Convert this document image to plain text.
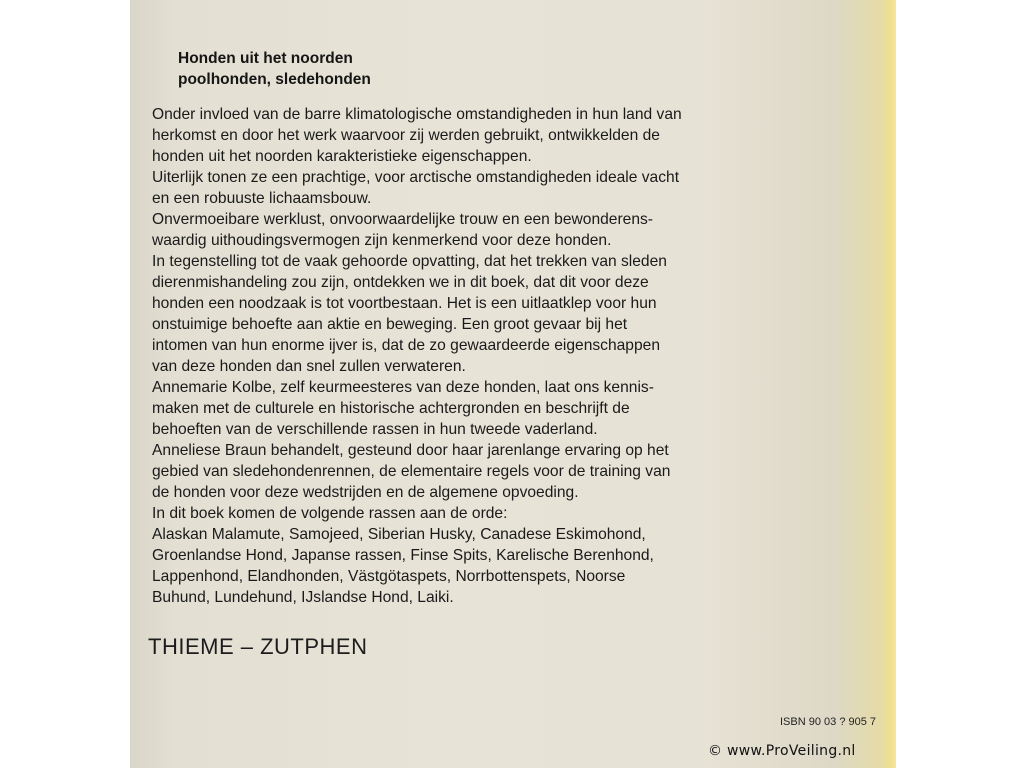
Honden uit het noorden
poolhonden, sledehonden
Onder invloed van de barre klimatologische omstandigheden in hun land van
herkomst en door het werk waarvoor zij werden gebruikt, ontwikkelden de
honden uit het noorden karakteristieke eigenschappen.
Uiterlijk tonen ze een prachtige, voor arctische omstandigheden ideale vacht
en een robuuste lichaamsbouw.
Onvermoeibare werklust, onvoorwaardelijke trouw en een bewonderens-
waardig uithoudingsvermogen zijn kenmerkend voor deze honden.
In tegenstelling tot de vaak gehoorde opvatting, dat het trekken van sleden
dierenmishandeling zou zijn, ontdekken we in dit boek, dat dit voor deze
honden een noodzaak is tot voortbestaan. Het is een uitlaatklep voor hun
onstuimige behoefte aan aktie en beweging. Een groot gevaar bij het
intomen van hun enorme ijver is, dat de zo gewaardeerde eigenschappen
van deze honden dan snel zullen verwateren.
Annemarie Kolbe, zelf keurmeesteres van deze honden, laat ons kennis-
maken met de culturele en historische achtergronden en beschrijft de
behoeften van de verschillende rassen in hun tweede vaderland.
Anneliese Braun behandelt, gesteund door haar jarenlange ervaring op het
gebied van sledehondenrennen, de elementaire regels voor de training van
de honden voor deze wedstrijden en de algemene opvoeding.
In dit boek komen de volgende rassen aan de orde:
Alaskan Malamute, Samojeed, Siberian Husky, Canadese Eskimohond,
Groenlandse Hond, Japanse rassen, Finse Spits, Karelische Berenhond,
Lappenhond, Elandhonden, Västgötaspets, Norrbottenspets, Noorse
Buhund, Lundehund, IJslandse Hond, Laiki.
THIEME – ZUTPHEN
ISBN 90 03 ? 905 7
© www.ProVeiling.nl
